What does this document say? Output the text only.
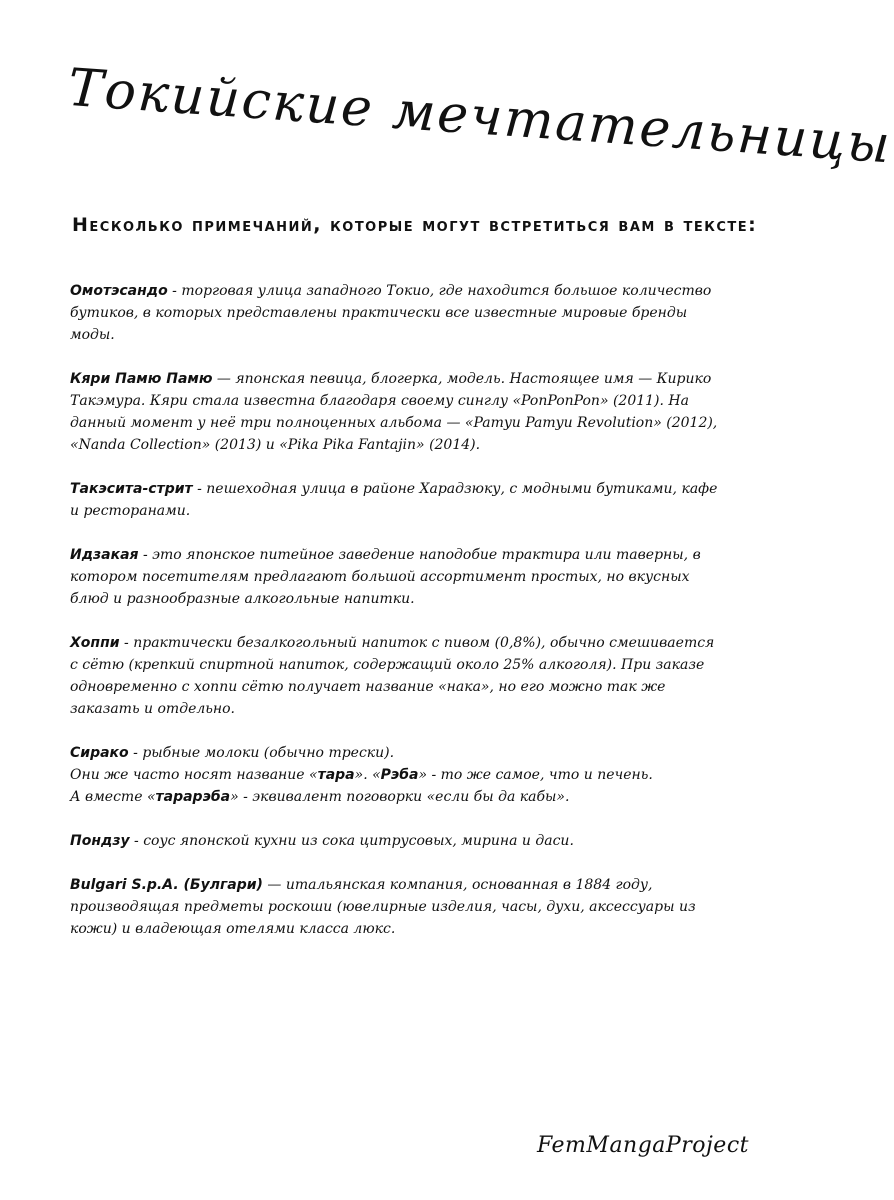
Токийские мечтательницы
Несколько примечаний, которые могут встретиться вам в тексте:

Омотэсандо - торговая улица западного Токио, где находится большое количество бутиков, в которых представлены практически все известные мировые бренды моды.

Кяри Памю Памю — японская певица, блогерка, модель. Настоящее имя — Кирико Такэмура. Кяри стала известна благодаря своему синглу «PonPonPon» (2011). На данный момент у неё три полноценных альбома — «Pamyu Pamyu Revolution» (2012), «Nanda Collection» (2013) и «Pika Pika Fantajin» (2014).

Такэсита-стрит - пешеходная улица в районе Харадзюку, с модными бутиками, кафе и ресторанами.

Идзакая - это японское питейное заведение наподобие трактира или таверны, в котором посетителям предлагают большой ассортимент простых, но вкусных блюд и разнообразные алкогольные напитки.

Хоппи - практически безалкогольный напиток с пивом (0,8%), обычно смешивается с сётю (крепкий спиртной напиток, содержащий около 25% алкоголя). При заказе одновременно с хоппи сётю получает название «нака», но его можно так же заказать и отдельно.

Сирако - рыбные молоки (обычно трески).
Они же часто носят название «тара». «Рэба» - то же самое, что и печень.
А вместе «тарарэба» - эквивалент поговорки «если бы да кабы».

Пондзу - соус японской кухни из сока цитрусовых, мирина и даси.

Bulgari S.p.A. (Булгари) — итальянская компания, основанная в 1884 году, производящая предметы роскоши (ювелирные изделия, часы, духи, аксессуары из кожи) и владеющая отелями класса люкс.

FemMangaProject
